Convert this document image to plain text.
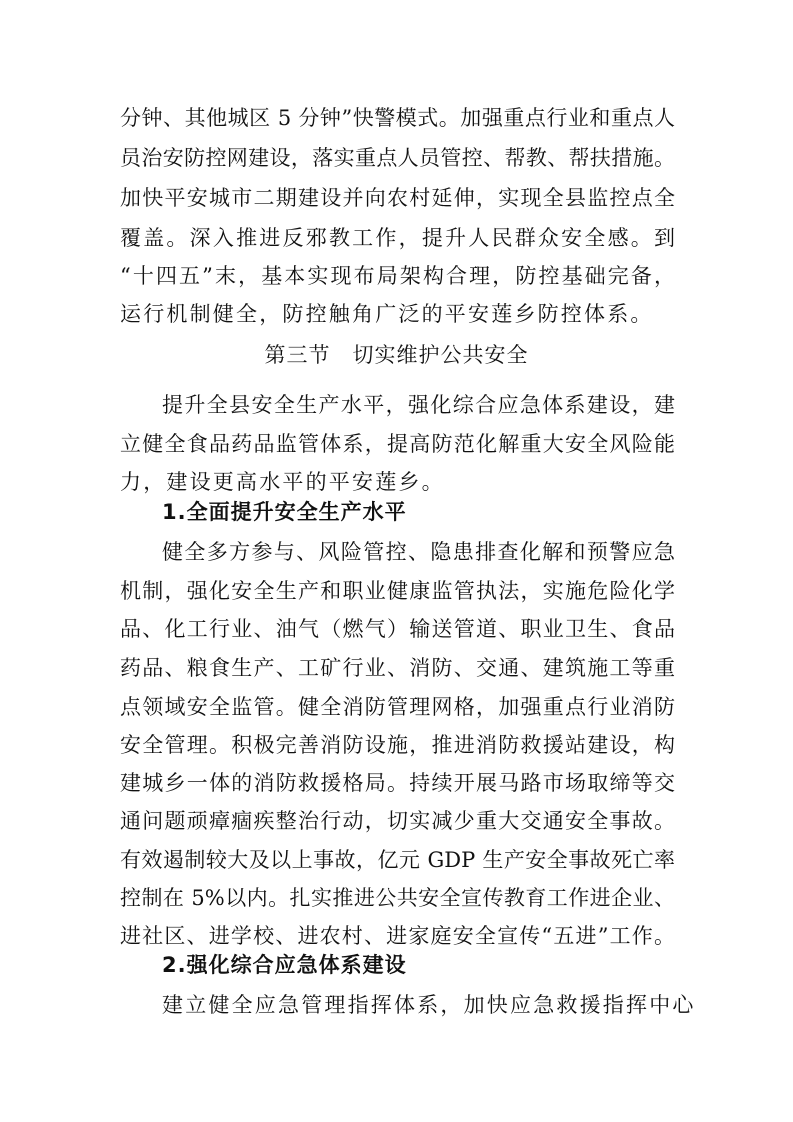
分钟、其他城区 5 分钟”快警模式。加强重点行业和重点人
员治安防控网建设，落实重点人员管控、帮教、帮扶措施。
加快平安城市二期建设并向农村延伸，实现全县监控点全
覆盖。深入推进反邪教工作，提升人民群众安全感。到
“十四五”末，基本实现布局架构合理，防控基础完备，
运行机制健全，防控触角广泛的平安莲乡防控体系。
第三节　切实维护公共安全
提升全县安全生产水平，强化综合应急体系建设，建
立健全食品药品监管体系，提高防范化解重大安全风险能
力，建设更高水平的平安莲乡。
1.全面提升安全生产水平
健全多方参与、风险管控、隐患排查化解和预警应急
机制，强化安全生产和职业健康监管执法，实施危险化学
品、化工行业、油气（燃气）输送管道、职业卫生、食品
药品、粮食生产、工矿行业、消防、交通、建筑施工等重
点领域安全监管。健全消防管理网格，加强重点行业消防
安全管理。积极完善消防设施，推进消防救援站建设，构
建城乡一体的消防救援格局。持续开展马路市场取缔等交
通问题顽瘴痼疾整治行动，切实减少重大交通安全事故。
有效遏制较大及以上事故，亿元 GDP 生产安全事故死亡率
控制在 5%以内。扎实推进公共安全宣传教育工作进企业、
进社区、进学校、进农村、进家庭安全宣传“五进”工作。
2.强化综合应急体系建设
建立健全应急管理指挥体系，加快应急救援指挥中心
